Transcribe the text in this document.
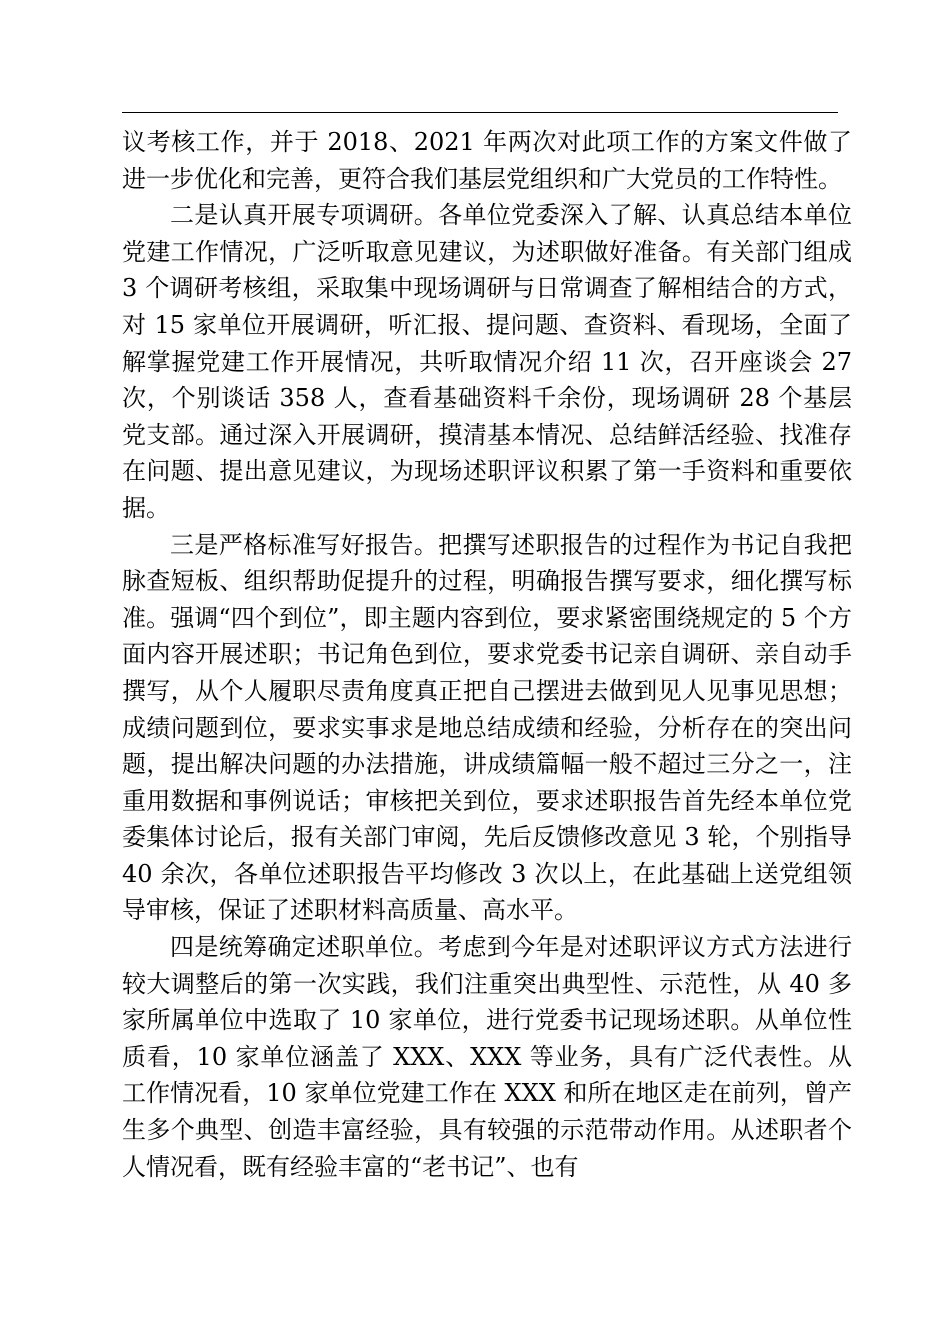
议考核工作，并于 2018、2021 年两次对此项工作的方案文件做了进一步优化和完善，更符合我们基层党组织和广大党员的工作特性。

二是认真开展专项调研。各单位党委深入了解、认真总结本单位党建工作情况，广泛听取意见建议，为述职做好准备。有关部门组成 3 个调研考核组，采取集中现场调研与日常调查了解相结合的方式，对 15 家单位开展调研，听汇报、提问题、查资料、看现场，全面了解掌握党建工作开展情况，共听取情况介绍 11 次，召开座谈会 27 次，个别谈话 358 人，查看基础资料千余份，现场调研 28 个基层党支部。通过深入开展调研，摸清基本情况、总结鲜活经验、找准存在问题、提出意见建议，为现场述职评议积累了第一手资料和重要依据。

三是严格标准写好报告。把撰写述职报告的过程作为书记自我把脉查短板、组织帮助促提升的过程，明确报告撰写要求，细化撰写标准。强调“四个到位”，即主题内容到位，要求紧密围绕规定的 5 个方面内容开展述职；书记角色到位，要求党委书记亲自调研、亲自动手撰写，从个人履职尽责角度真正把自己摆进去做到见人见事见思想；成绩问题到位，要求实事求是地总结成绩和经验，分析存在的突出问题，提出解决问题的办法措施，讲成绩篇幅一般不超过三分之一，注重用数据和事例说话；审核把关到位，要求述职报告首先经本单位党委集体讨论后，报有关部门审阅，先后反馈修改意见 3 轮，个别指导 40 余次，各单位述职报告平均修改 3 次以上，在此基础上送党组领导审核，保证了述职材料高质量、高水平。

四是统筹确定述职单位。考虑到今年是对述职评议方式方法进行较大调整后的第一次实践，我们注重突出典型性、示范性，从 40 多家所属单位中选取了 10 家单位，进行党委书记现场述职。从单位性质看，10 家单位涵盖了 XXX、XXX 等业务，具有广泛代表性。从工作情况看，10 家单位党建工作在 XXX 和所在地区走在前列，曾产生多个典型、创造丰富经验，具有较强的示范带动作用。从述职者个人情况看，既有经验丰富的“老书记”、也有
